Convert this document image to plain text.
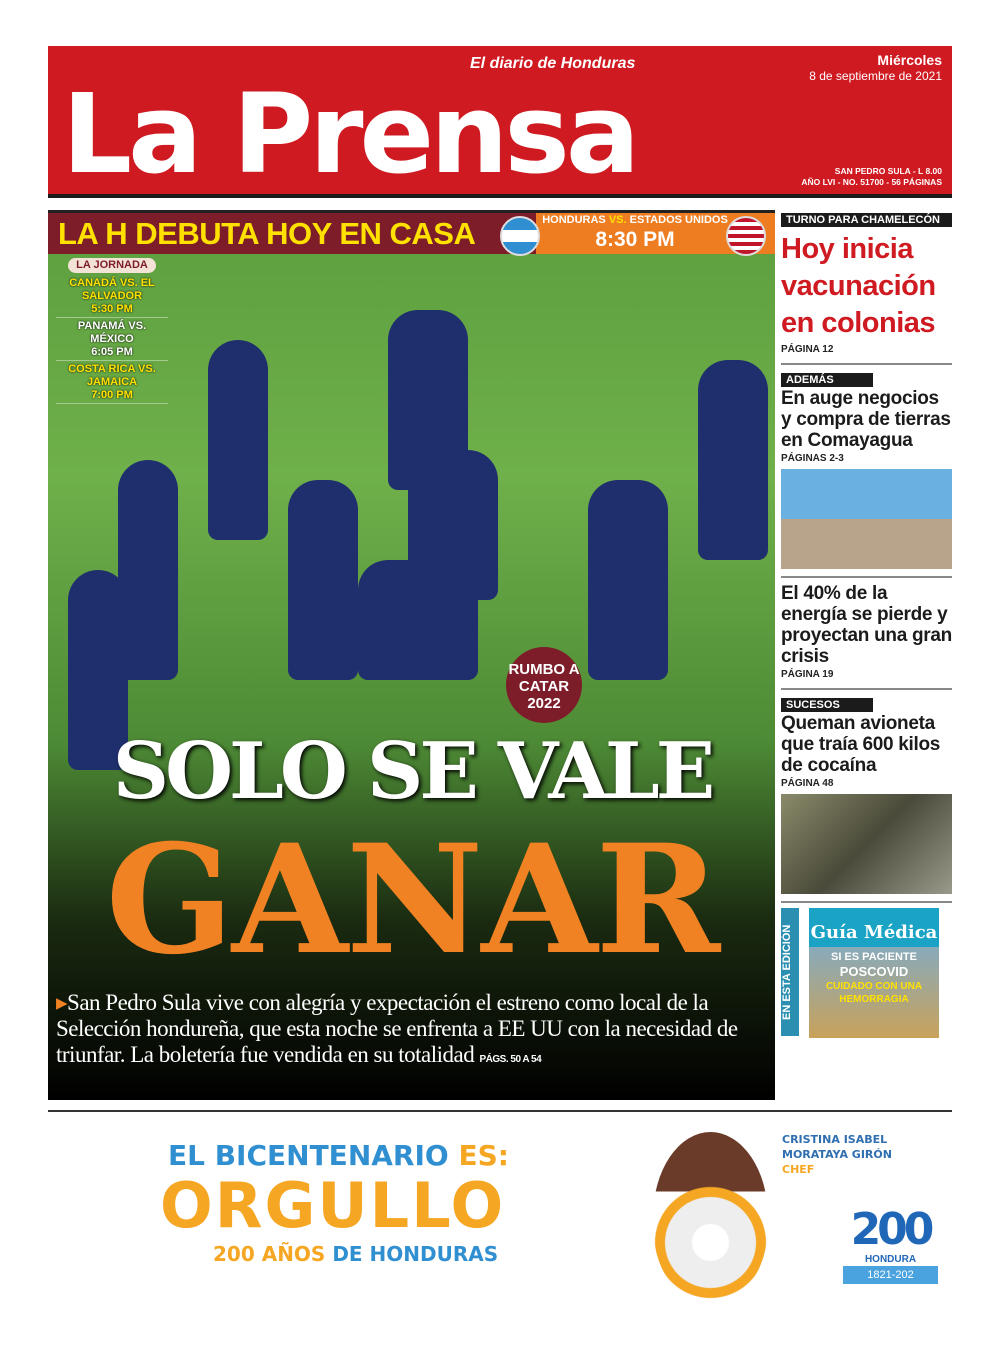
La Prensa
El diario de Honduras	Miércoles
8 de septiembre de 2021
SAN PEDRO SULA - L 8.00
AÑO LVI - NO. 51700 - 56 PÁGINAS
LA H DEBUTA HOY EN CASA	HONDURAS VS. ESTADOS UNIDOS
8:30 PM
LA JORNADA
CANADÁ VS. EL SALVADOR
5:30 PM
PANAMÁ VS. MÉXICO
6:05 PM
COSTA RICA VS. JAMAICA
7:00 PM
RUMBO A CATAR 2022
SOLO SE VALE
GANAR
▸San Pedro Sula vive con alegría y expectación el estreno como local de la Selección hondureña, que esta noche se enfrenta a EE UU con la necesidad de triunfar. La boletería fue vendida en su totalidad PÁGS. 50 A 54
TURNO PARA CHAMELECÓN
Hoy inicia vacunación en colonias
PÁGINA 12
ADEMÁS
En auge negocios y compra de tierras en Comayagua
PÁGINAS 2-3
El 40% de la energía se pierde y proyectan una gran crisis
PÁGINA 19
SUCESOS
Queman avioneta que traía 600 kilos de cocaína
PÁGINA 48
EN ESTA EDICIÓN Guía Médica
SI ES PACIENTE
POSCOVID
CUIDADO CON UNA HEMORRAGIA
EL BICENTENARIO ES:
ORGULLO
200 AÑOS DE HONDURAS
CRISTINA ISABEL
MORATAYA GIRÓN
CHEF
200
HONDURA
1821-202
